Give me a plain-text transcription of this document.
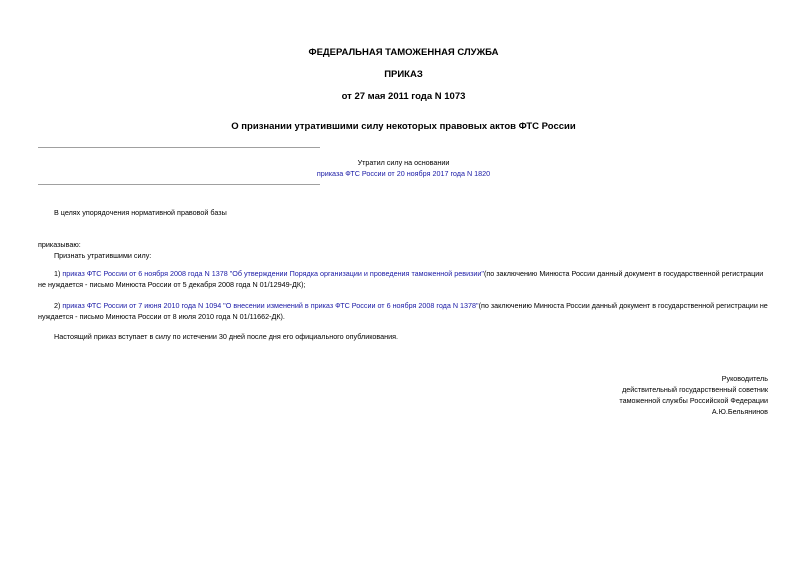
ФЕДЕРАЛЬНАЯ ТАМОЖЕННАЯ СЛУЖБА
ПРИКАЗ
от 27 мая 2011 года N 1073
О признании утратившими силу некоторых правовых актов ФТС России
Утратил силу на основании
приказа ФТС России от 20 ноября 2017 года N 1820
В целях упорядочения нормативной правовой базы
приказываю:
Признать утратившими силу:
1) приказ ФТС России от 6 ноября 2008 года N 1378 "Об утверждении Порядка организации и проведения таможенной ревизии"(по заключению Минюста России данный документ в государственной регистрации не нуждается - письмо Минюста России от 5 декабря 2008 года N 01/12949-ДК);
2) приказ ФТС России от 7 июня 2010 года N 1094 "О внесении изменений в приказ ФТС России от 6 ноября 2008 года N 1378"(по заключению Минюста России данный документ в государственной регистрации не нуждается - письмо Минюста России от 8 июля 2010 года N 01/11662-ДК).
Настоящий приказ вступает в силу по истечении 30 дней после дня его официального опубликования.
Руководитель
действительный государственный советник
таможенной службы Российской Федерации
А.Ю.Бельянинов
